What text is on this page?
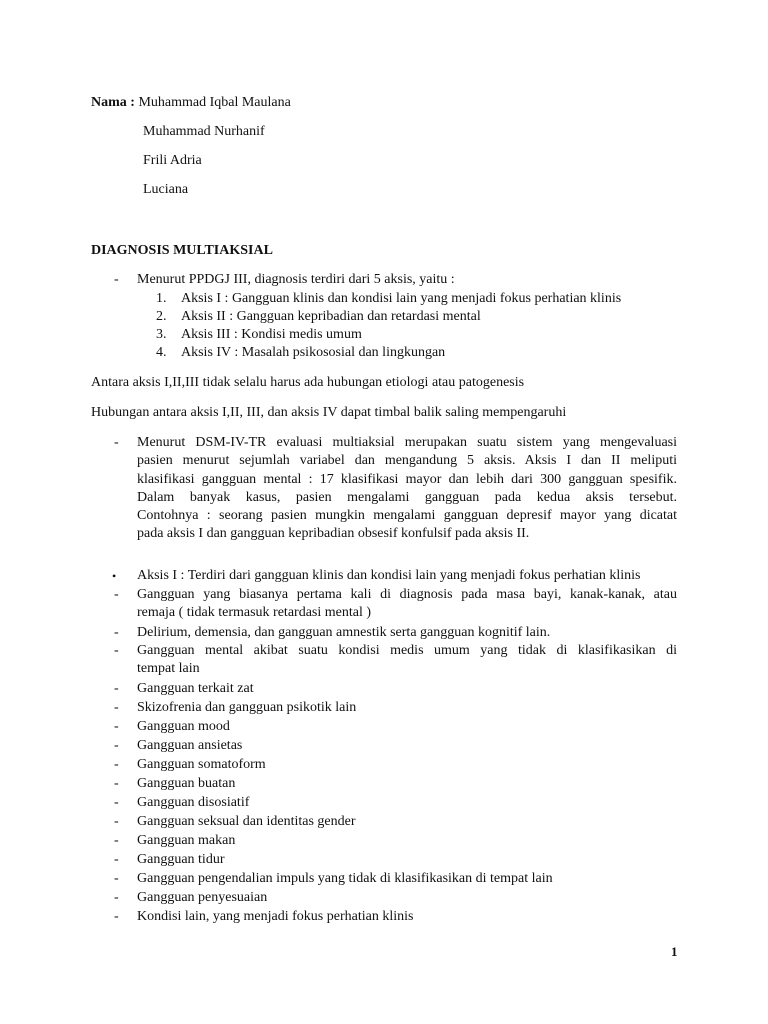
Nama : Muhammad Iqbal Maulana
Muhammad Nurhanif
Frili Adria
Luciana
DIAGNOSIS MULTIAKSIAL
- Menurut PPDGJ III, diagnosis terdiri dari 5 aksis, yaitu :
1. Aksis I : Gangguan klinis dan kondisi lain yang menjadi fokus perhatian klinis
2. Aksis II : Gangguan kepribadian dan retardasi mental
3. Aksis III : Kondisi medis umum
4. Aksis IV : Masalah psikososial dan lingkungan
Antara aksis I,II,III tidak selalu harus ada hubungan etiologi atau patogenesis
Hubungan antara aksis I,II, III, dan aksis IV dapat timbal balik saling mempengaruhi
- Menurut DSM-IV-TR evaluasi multiaksial merupakan suatu sistem yang mengevaluasi
pasien menurut sejumlah variabel dan mengandung 5 aksis. Aksis I dan II meliputi
klasifikasi gangguan mental : 17 klasifikasi mayor dan lebih dari 300 gangguan spesifik.
Dalam banyak kasus, pasien mengalami gangguan pada kedua aksis tersebut.
Contohnya : seorang pasien mungkin mengalami gangguan depresif mayor yang dicatat
pada aksis I dan gangguan kepribadian obsesif konfulsif pada aksis II.
• Aksis I : Terdiri dari gangguan klinis dan kondisi lain yang menjadi fokus perhatian klinis
- Gangguan yang biasanya pertama kali di diagnosis pada masa bayi, kanak-kanak, atau
remaja ( tidak termasuk retardasi mental )
- Delirium, demensia, dan gangguan amnestik serta gangguan kognitif lain.
- Gangguan mental akibat suatu kondisi medis umum yang tidak di klasifikasikan di
tempat lain
- Gangguan terkait zat
- Skizofrenia dan gangguan psikotik lain
- Gangguan mood
- Gangguan ansietas
- Gangguan somatoform
- Gangguan buatan
- Gangguan disosiatif
- Gangguan seksual dan identitas gender
- Gangguan makan
- Gangguan tidur
- Gangguan pengendalian impuls yang tidak di klasifikasikan di tempat lain
- Gangguan penyesuaian
- Kondisi lain, yang menjadi fokus perhatian klinis
1
